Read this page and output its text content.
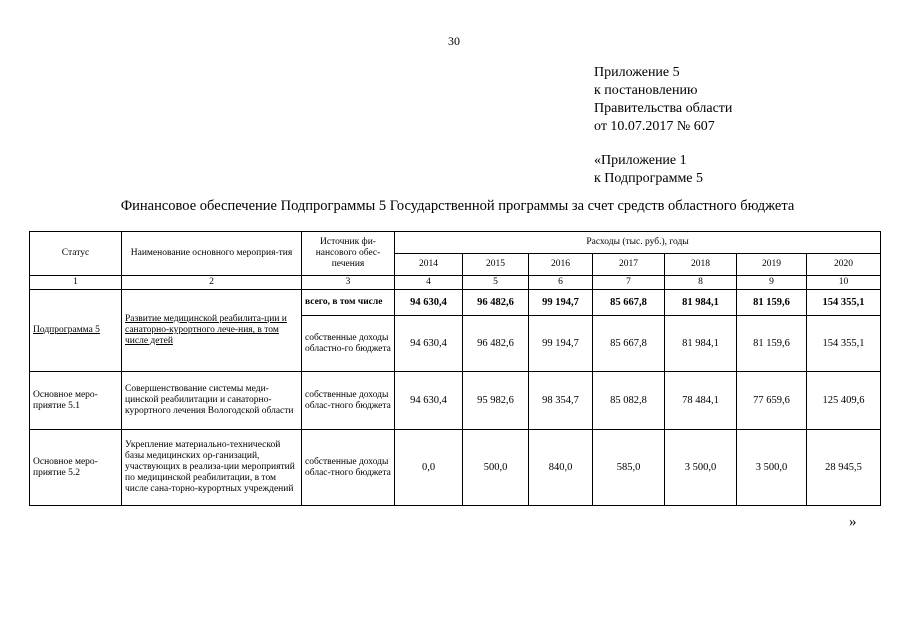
30
Приложение 5
к постановлению
Правительства области
от 10.07.2017 № 607
«Приложение 1
к Подпрограмме 5
Финансовое обеспечение Подпрограммы 5 Государственной программы за счет средств областного бюджета
Статус	Наименование основного мероприя-тия	Источник фи-нансового обес-печения	Расходы (тыс. руб.), годы						
			2014	2015	2016	2017	2018	2019	2020
1	2	3	4	5	6	7	8	9	10
Подпрограмма 5	Развитие медицинской реабилита-ции и санаторно-курортного лече-ния, в том числе детей	всего, в том числе	94 630,4	96 482,6	99 194,7	85 667,8	81 984,1	81 159,6	154 355,1
		собственные доходы областно-го бюджета	94 630,4	96 482,6	99 194,7	85 667,8	81 984,1	81 159,6	154 355,1
Основное меро-приятие 5.1	Совершенствование системы меди-цинской реабилитации и санаторно-курортного лечения Вологодской области	собственные доходы облас-тного бюджета	94 630,4	95 982,6	98 354,7	85 082,8	78 484,1	77 659,6	125 409,6
Основное меро-приятие 5.2	Укрепление материально-технической базы медицинских ор-ганизаций, участвующих в реализа-ции мероприятий по медицинской реабилитации, в том числе сана-торно-курортных учреждений	собственные доходы облас-тного бюджета	0,0	500,0	840,0	585,0	3 500,0	3 500,0	28 945,5
»
